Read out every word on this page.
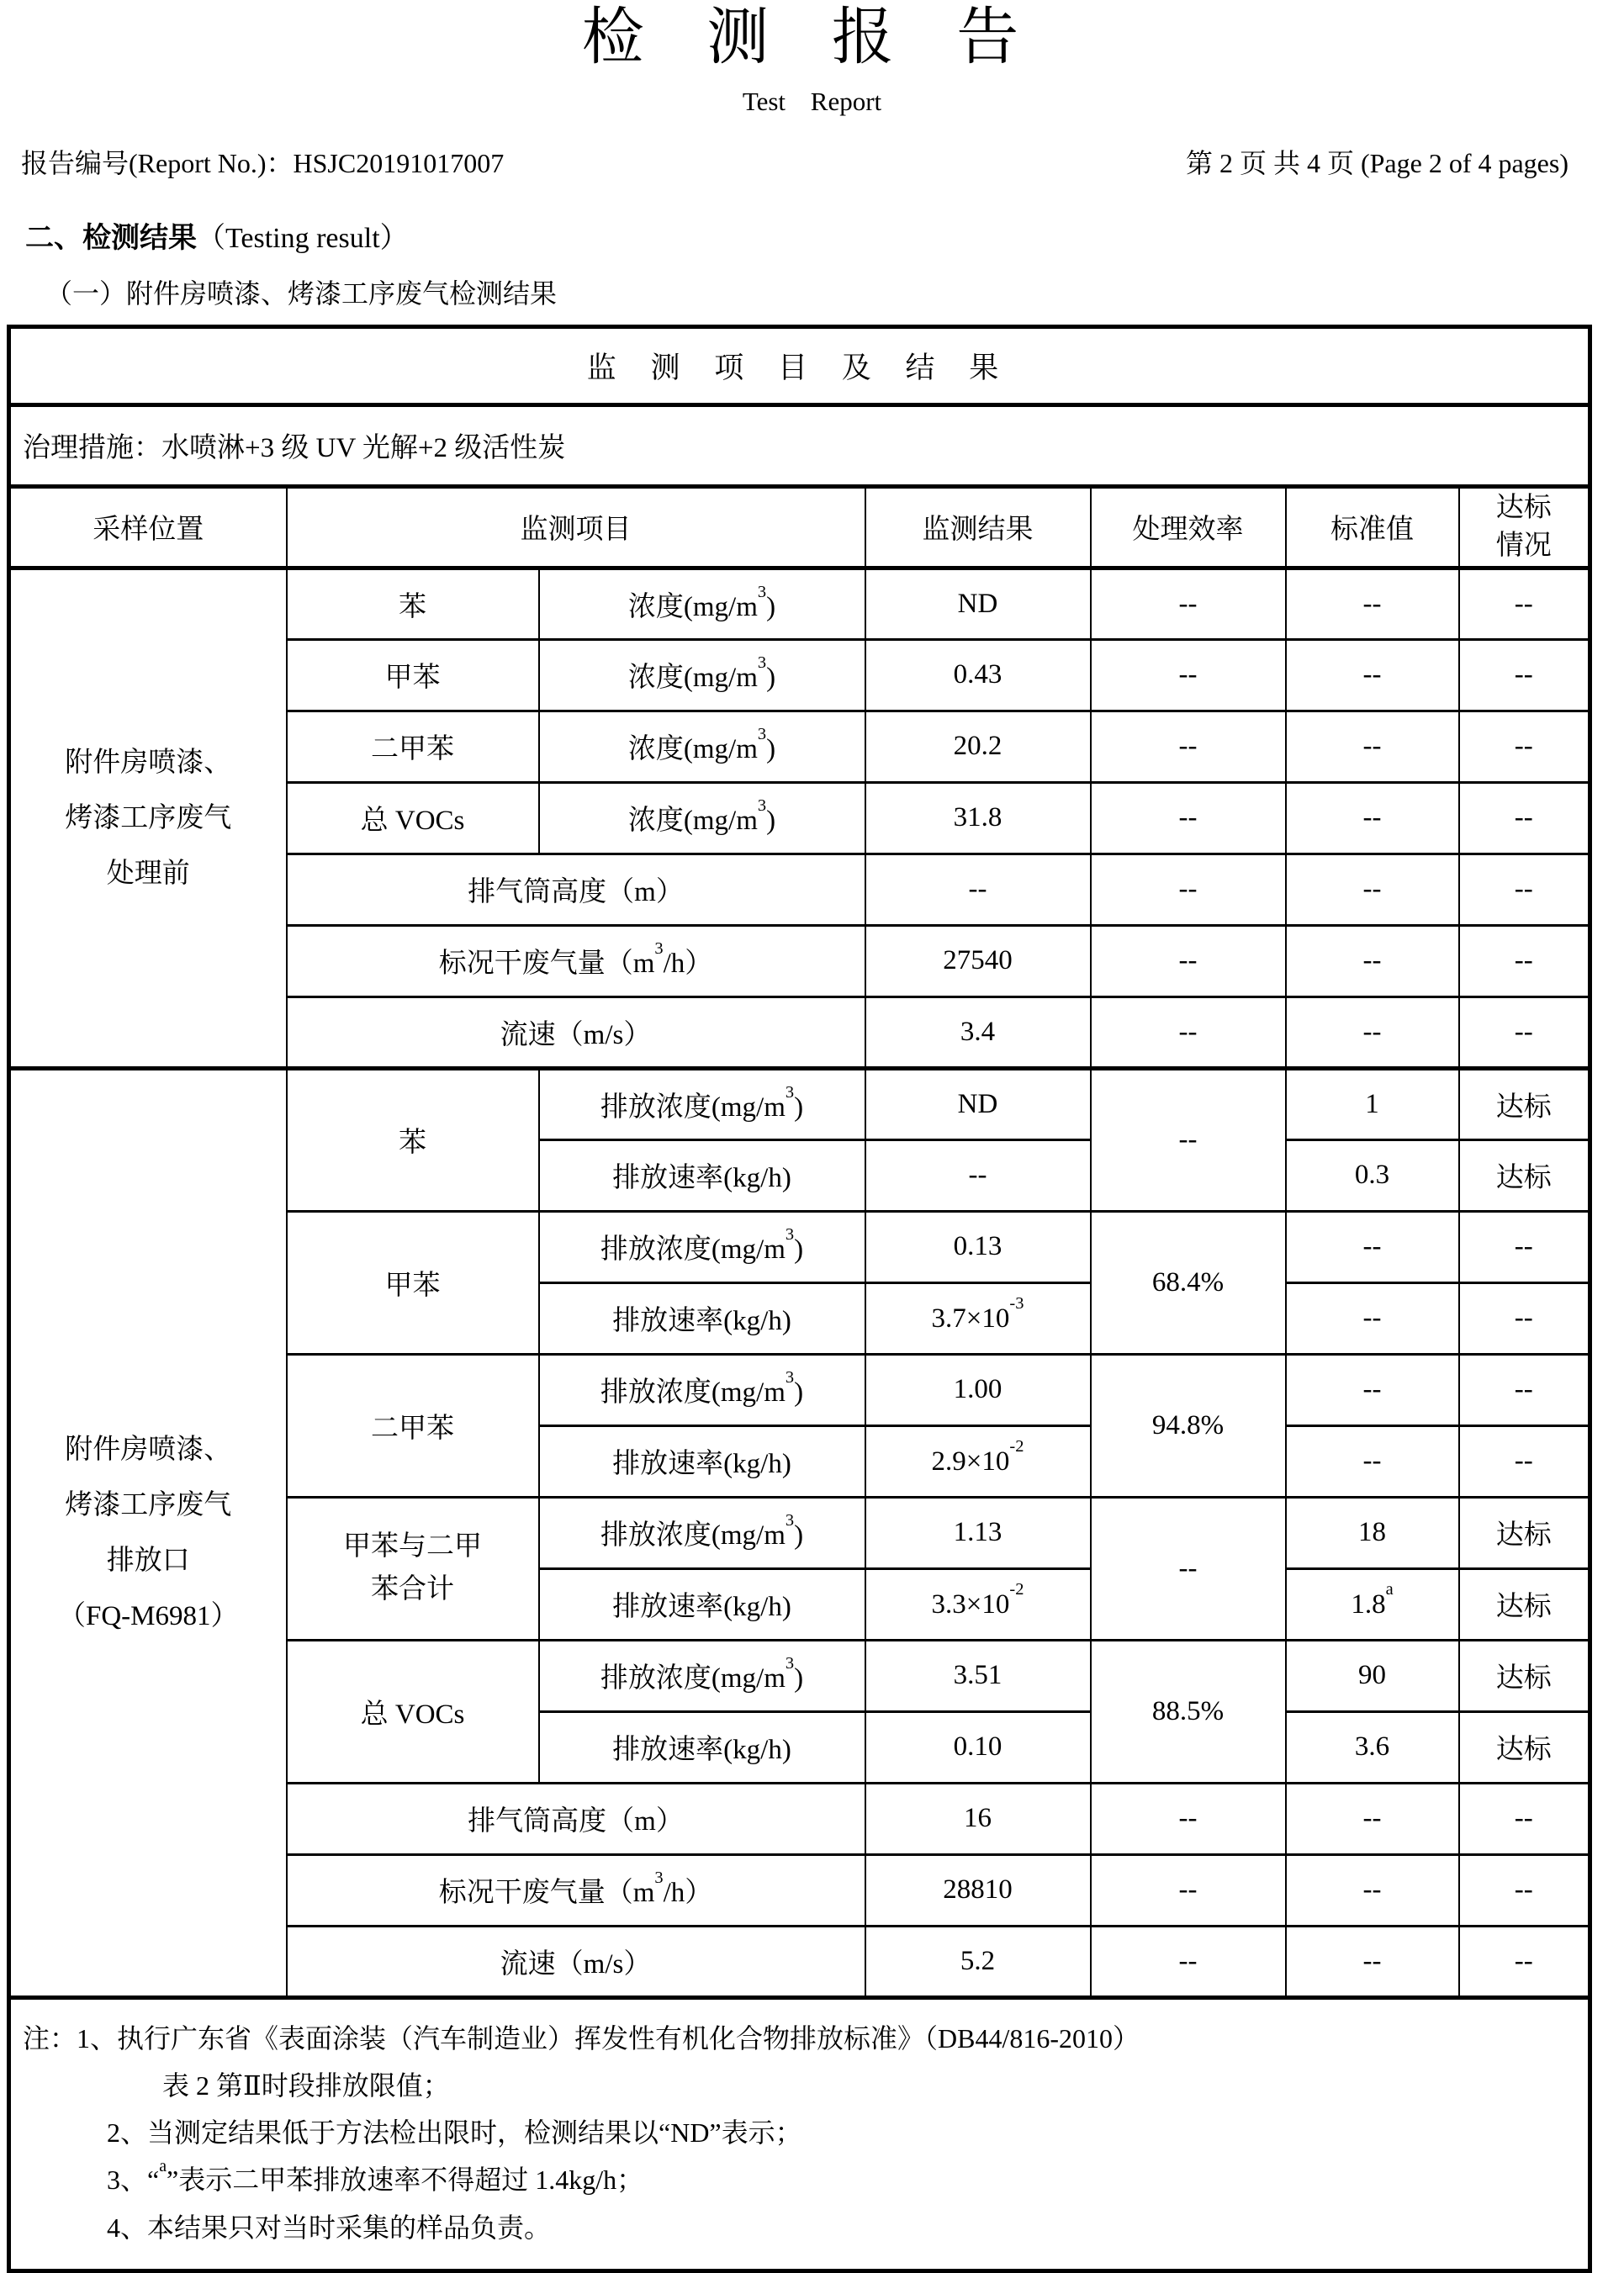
检 测 报 告
Test Report
报告编号(Report No.)：HSJC20191017007	第 2 页 共 4 页 (Page 2 of 4 pages)
二、检测结果（Testing result）
（一）附件房喷漆、烤漆工序废气检测结果
监 测 项 目 及 结 果						
治理措施：水喷淋+3 级 UV 光解+2 级活性炭						
采样位置	监测项目		监测结果	处理效率	标准值	达标情况

附件房喷漆、
烤漆工序废气
处理前	苯	浓度$(mg/m^3)$	ND	--	--	--
	甲苯	浓度$(mg/m^3)$	0.43	--	--	--
	二甲苯	浓度$(mg/m^3)$	20.2	--	--	--
	总 VOCs	浓度$(mg/m^3)$	31.8	--	--	--
	排气筒高度（m）		--	--	--	--
	标况干废气量$(m^3/h)$		27540	--	--	--
	流速（m/s）		3.4	--	--	--

附件房喷漆、
烤漆工序废气
排放口
（FQ-M6981）	苯	排放浓度$(mg/m^3)$	ND	--	1	达标
		排放速率(kg/h)	--		0.3	达标
	甲苯	排放浓度$(mg/m^3)$	0.13	68.4%	--	--
		排放速率(kg/h)	$3.7\times 10^{-3}$		--	--
	二甲苯	排放浓度$(mg/m^3)$	1.00	94.8%	--	--
		排放速率(kg/h)	$2.9\times 10^{-2}$		--	--

	甲苯与二甲
苯合计	排放浓度$(mg/m^3)$	1.13	--	18	达标
		排放速率(kg/h)	$3.3\times 10^{-2}$		1.8$^a$	达标
	总 VOCs	排放浓度$(mg/m^3)$	3.51	88.5%	90	达标
		排放速率(kg/h)	0.10		3.6	达标
	排气筒高度（m）		16	--	--	--
	标况干废气量$(m^3/h)$		28810	--	--	--
	流速（m/s）		5.2	--	--	--

注：1、执行广东省《表面涂装（汽车制造业）挥发性有机化合物排放标准》（DB44/816-2010）
表 2 第Ⅱ时段排放限值；
2、当测定结果低于方法检出限时，检测结果以“ND”表示；
3、“$^a$”表示二甲苯排放速率不得超过 1.4kg/h；
4、本结果只对当时采集的样品负责。						
